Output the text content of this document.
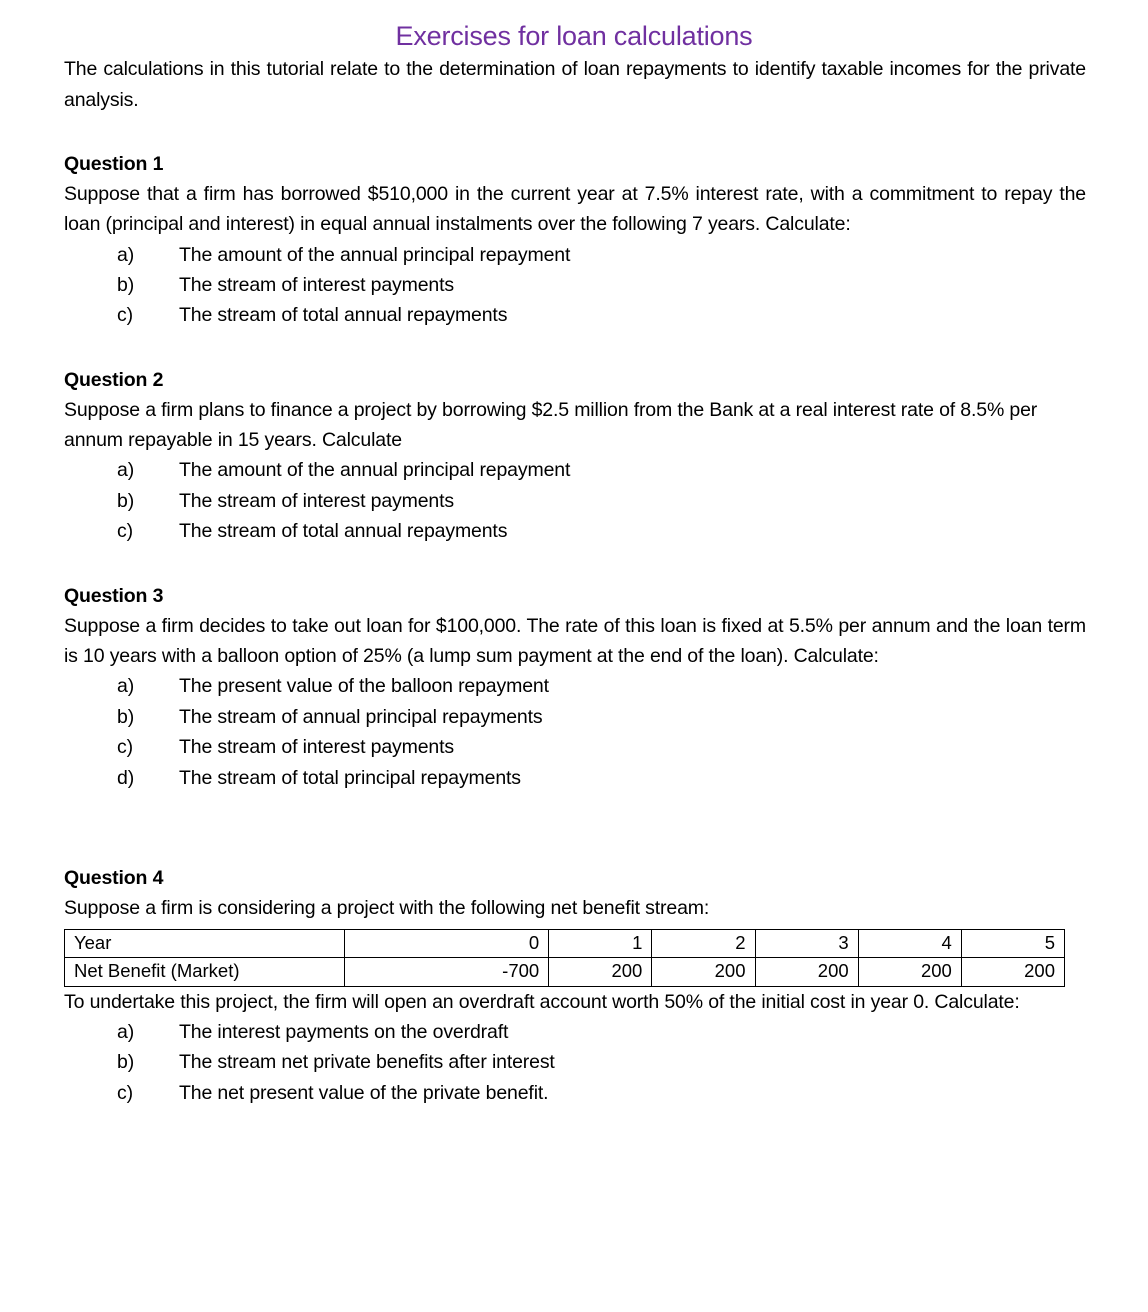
Exercises for loan calculations

The calculations in this tutorial relate to the determination of loan repayments to identify taxable incomes for the private analysis.

Question 1

Suppose that a firm has borrowed $510,000 in the current year at 7.5% interest rate, with a commitment to repay the loan (principal and interest) in equal annual instalments over the following 7 years. Calculate:

a)	The amount of the annual principal repayment
b)	The stream of interest payments
c)	The stream of total annual repayments

Question 2

Suppose a firm plans to finance a project by borrowing $2.5 million from the Bank at a real interest rate of 8.5% per annum repayable in 15 years. Calculate

a)	The amount of the annual principal repayment
b)	The stream of interest payments
c)	The stream of total annual repayments

Question 3

Suppose a firm decides to take out loan for $100,000. The rate of this loan is fixed at 5.5% per annum and the loan term is 10 years with a balloon option of 25% (a lump sum payment at the end of the loan). Calculate:

a)	The present value of the balloon repayment
b)	The stream of annual principal repayments
c)	The stream of interest payments
d)	The stream of total principal repayments

Question 4

Suppose a firm is considering a project with the following net benefit stream:

Year	0	1	2	3	4	5
Net Benefit (Market)	-700	200	200	200	200	200

To undertake this project, the firm will open an overdraft account worth 50% of the initial cost in year 0. Calculate:

a)	The interest payments on the overdraft
b)	The stream net private benefits after interest
c)	The net present value of the private benefit.
